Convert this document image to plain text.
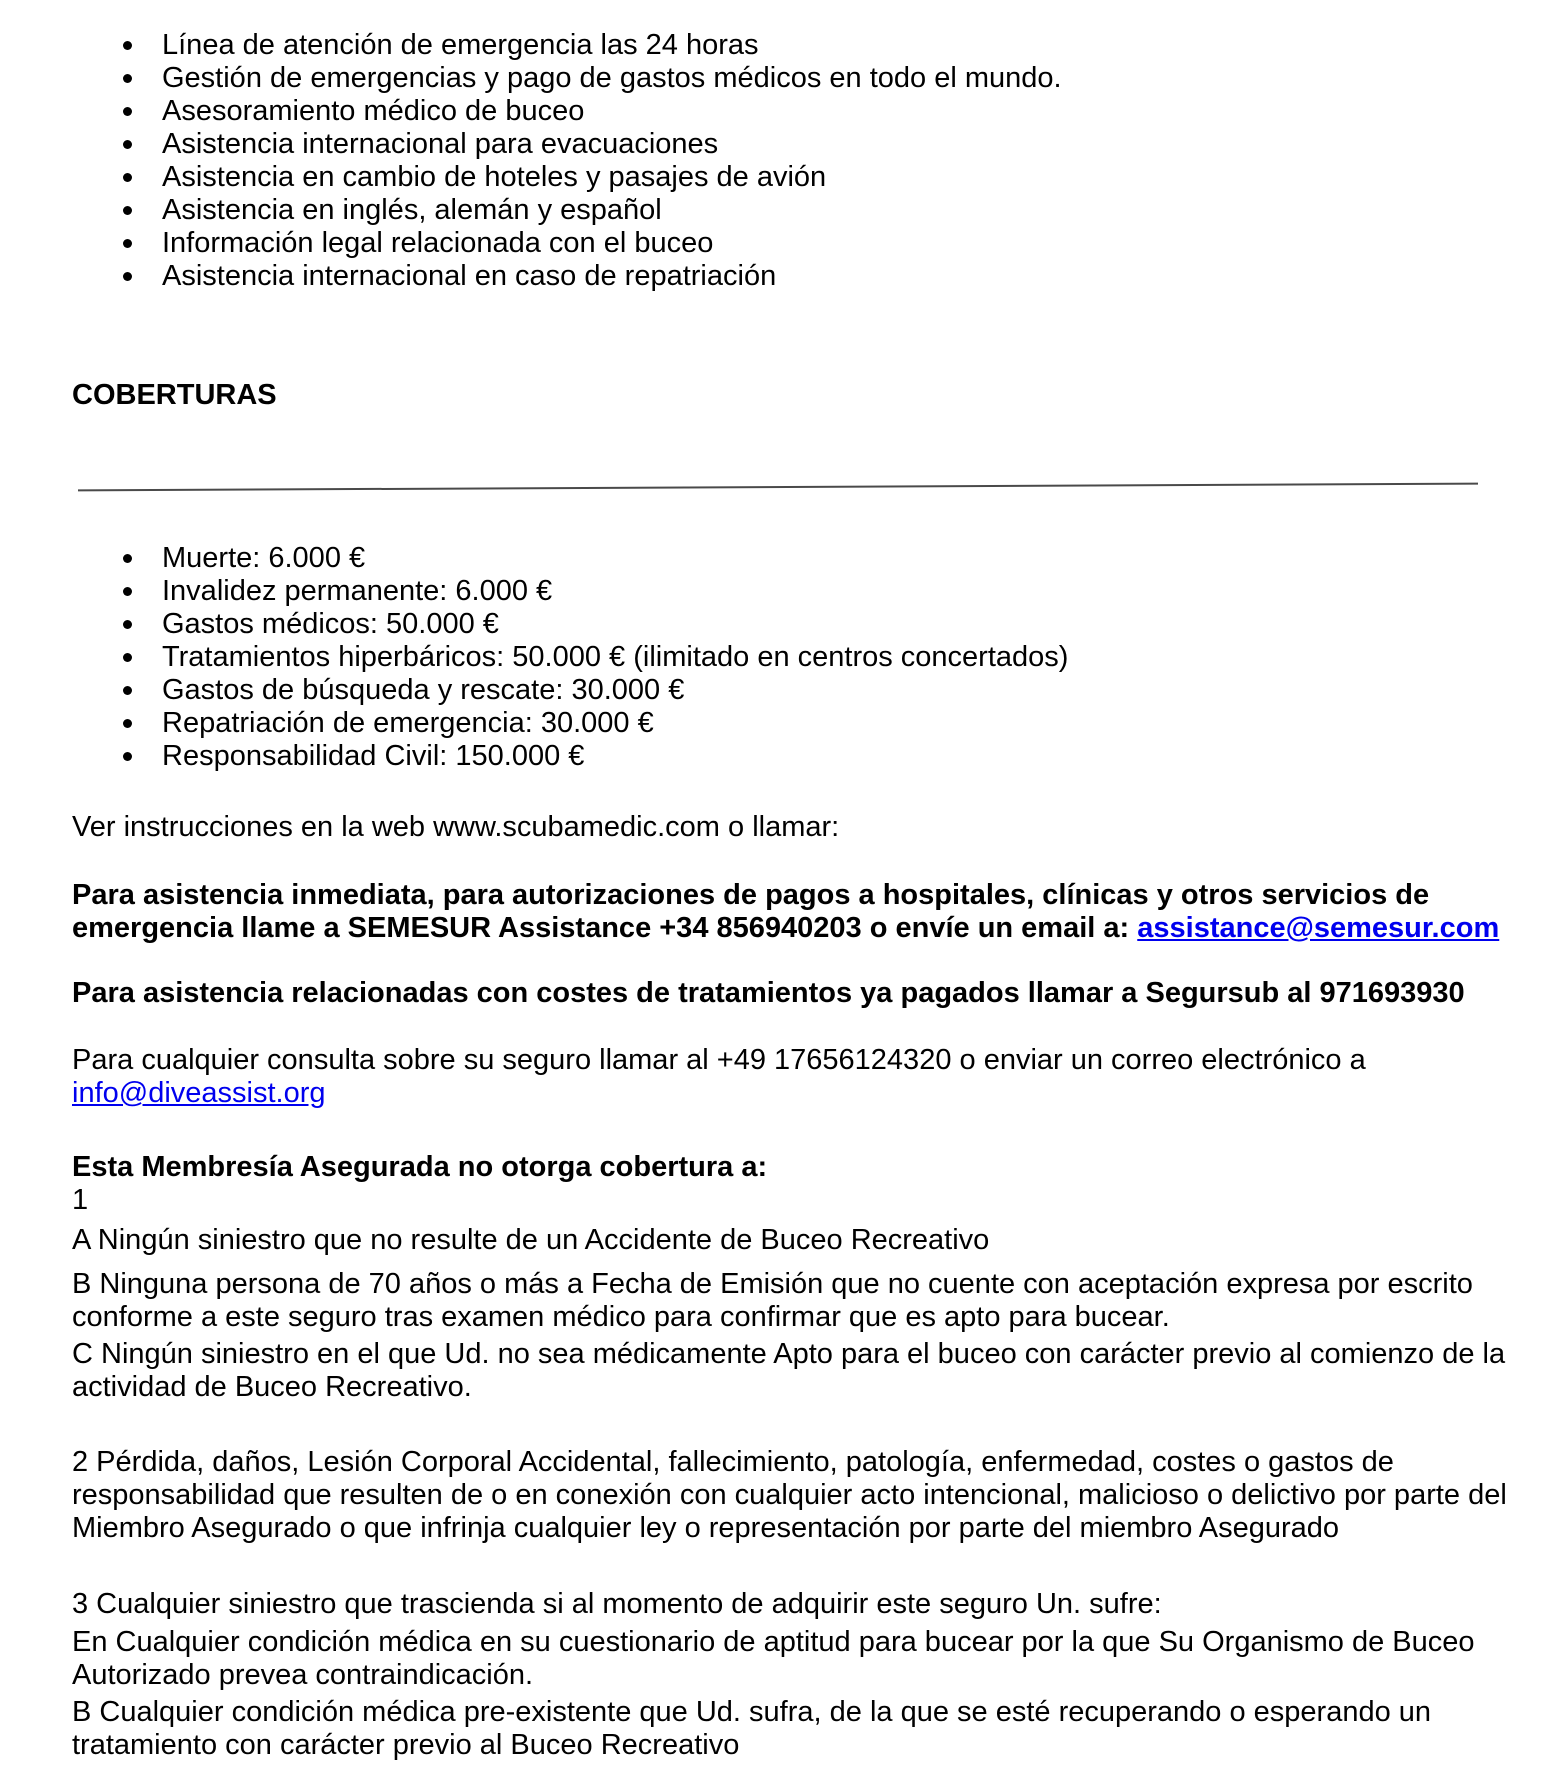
Línea de atención de emergencia las 24 horas
Gestión de emergencias y pago de gastos médicos en todo el mundo.
Asesoramiento médico de buceo
Asistencia internacional para evacuaciones
Asistencia en cambio de hoteles y pasajes de avión
Asistencia en inglés, alemán y español
Información legal relacionada con el buceo
Asistencia internacional en caso de repatriación
COBERTURAS
Muerte: 6.000 €
Invalidez permanente: 6.000 €
Gastos médicos: 50.000 €
Tratamientos hiperbáricos: 50.000 € (ilimitado en centros concertados)
Gastos de búsqueda y rescate: 30.000 €
Repatriación de emergencia: 30.000 €
Responsabilidad Civil: 150.000 €

Ver instrucciones en la web www.scubamedic.com o llamar:

Para asistencia inmediata, para autorizaciones de pagos a hospitales, clínicas y otros servicios de emergencia llame a SEMESUR Assistance +34 856940203 o envíe un email a: assistance@semesur.com

Para asistencia relacionadas con costes de tratamientos ya pagados llamar a Segursub al 971693930

Para cualquier consulta sobre su seguro llamar al +49 17656124320 o enviar un correo electrónico a info@diveassist.org

Esta Membresía Asegurada no otorga cobertura a:

1

A Ningún siniestro que no resulte de un Accidente de Buceo Recreativo

B Ninguna persona de 70 años o más a Fecha de Emisión que no cuente con aceptación expresa por escrito conforme a este seguro tras examen médico para confirmar que es apto para bucear.

C Ningún siniestro en el que Ud. no sea médicamente Apto para el buceo con carácter previo al comienzo de la actividad de Buceo Recreativo.

2 Pérdida, daños, Lesión Corporal Accidental, fallecimiento, patología, enfermedad, costes o gastos de responsabilidad que resulten de o en conexión con cualquier acto intencional, malicioso o delictivo por parte del Miembro Asegurado o que infrinja cualquier ley o representación por parte del miembro Asegurado

3 Cualquier siniestro que trascienda si al momento de adquirir este seguro Un. sufre:

En Cualquier condición médica en su cuestionario de aptitud para bucear por la que Su Organismo de Buceo Autorizado prevea contraindicación.

B Cualquier condición médica pre-existente que Ud. sufra, de la que se esté recuperando o esperando un tratamiento con carácter previo al Buceo Recreativo
